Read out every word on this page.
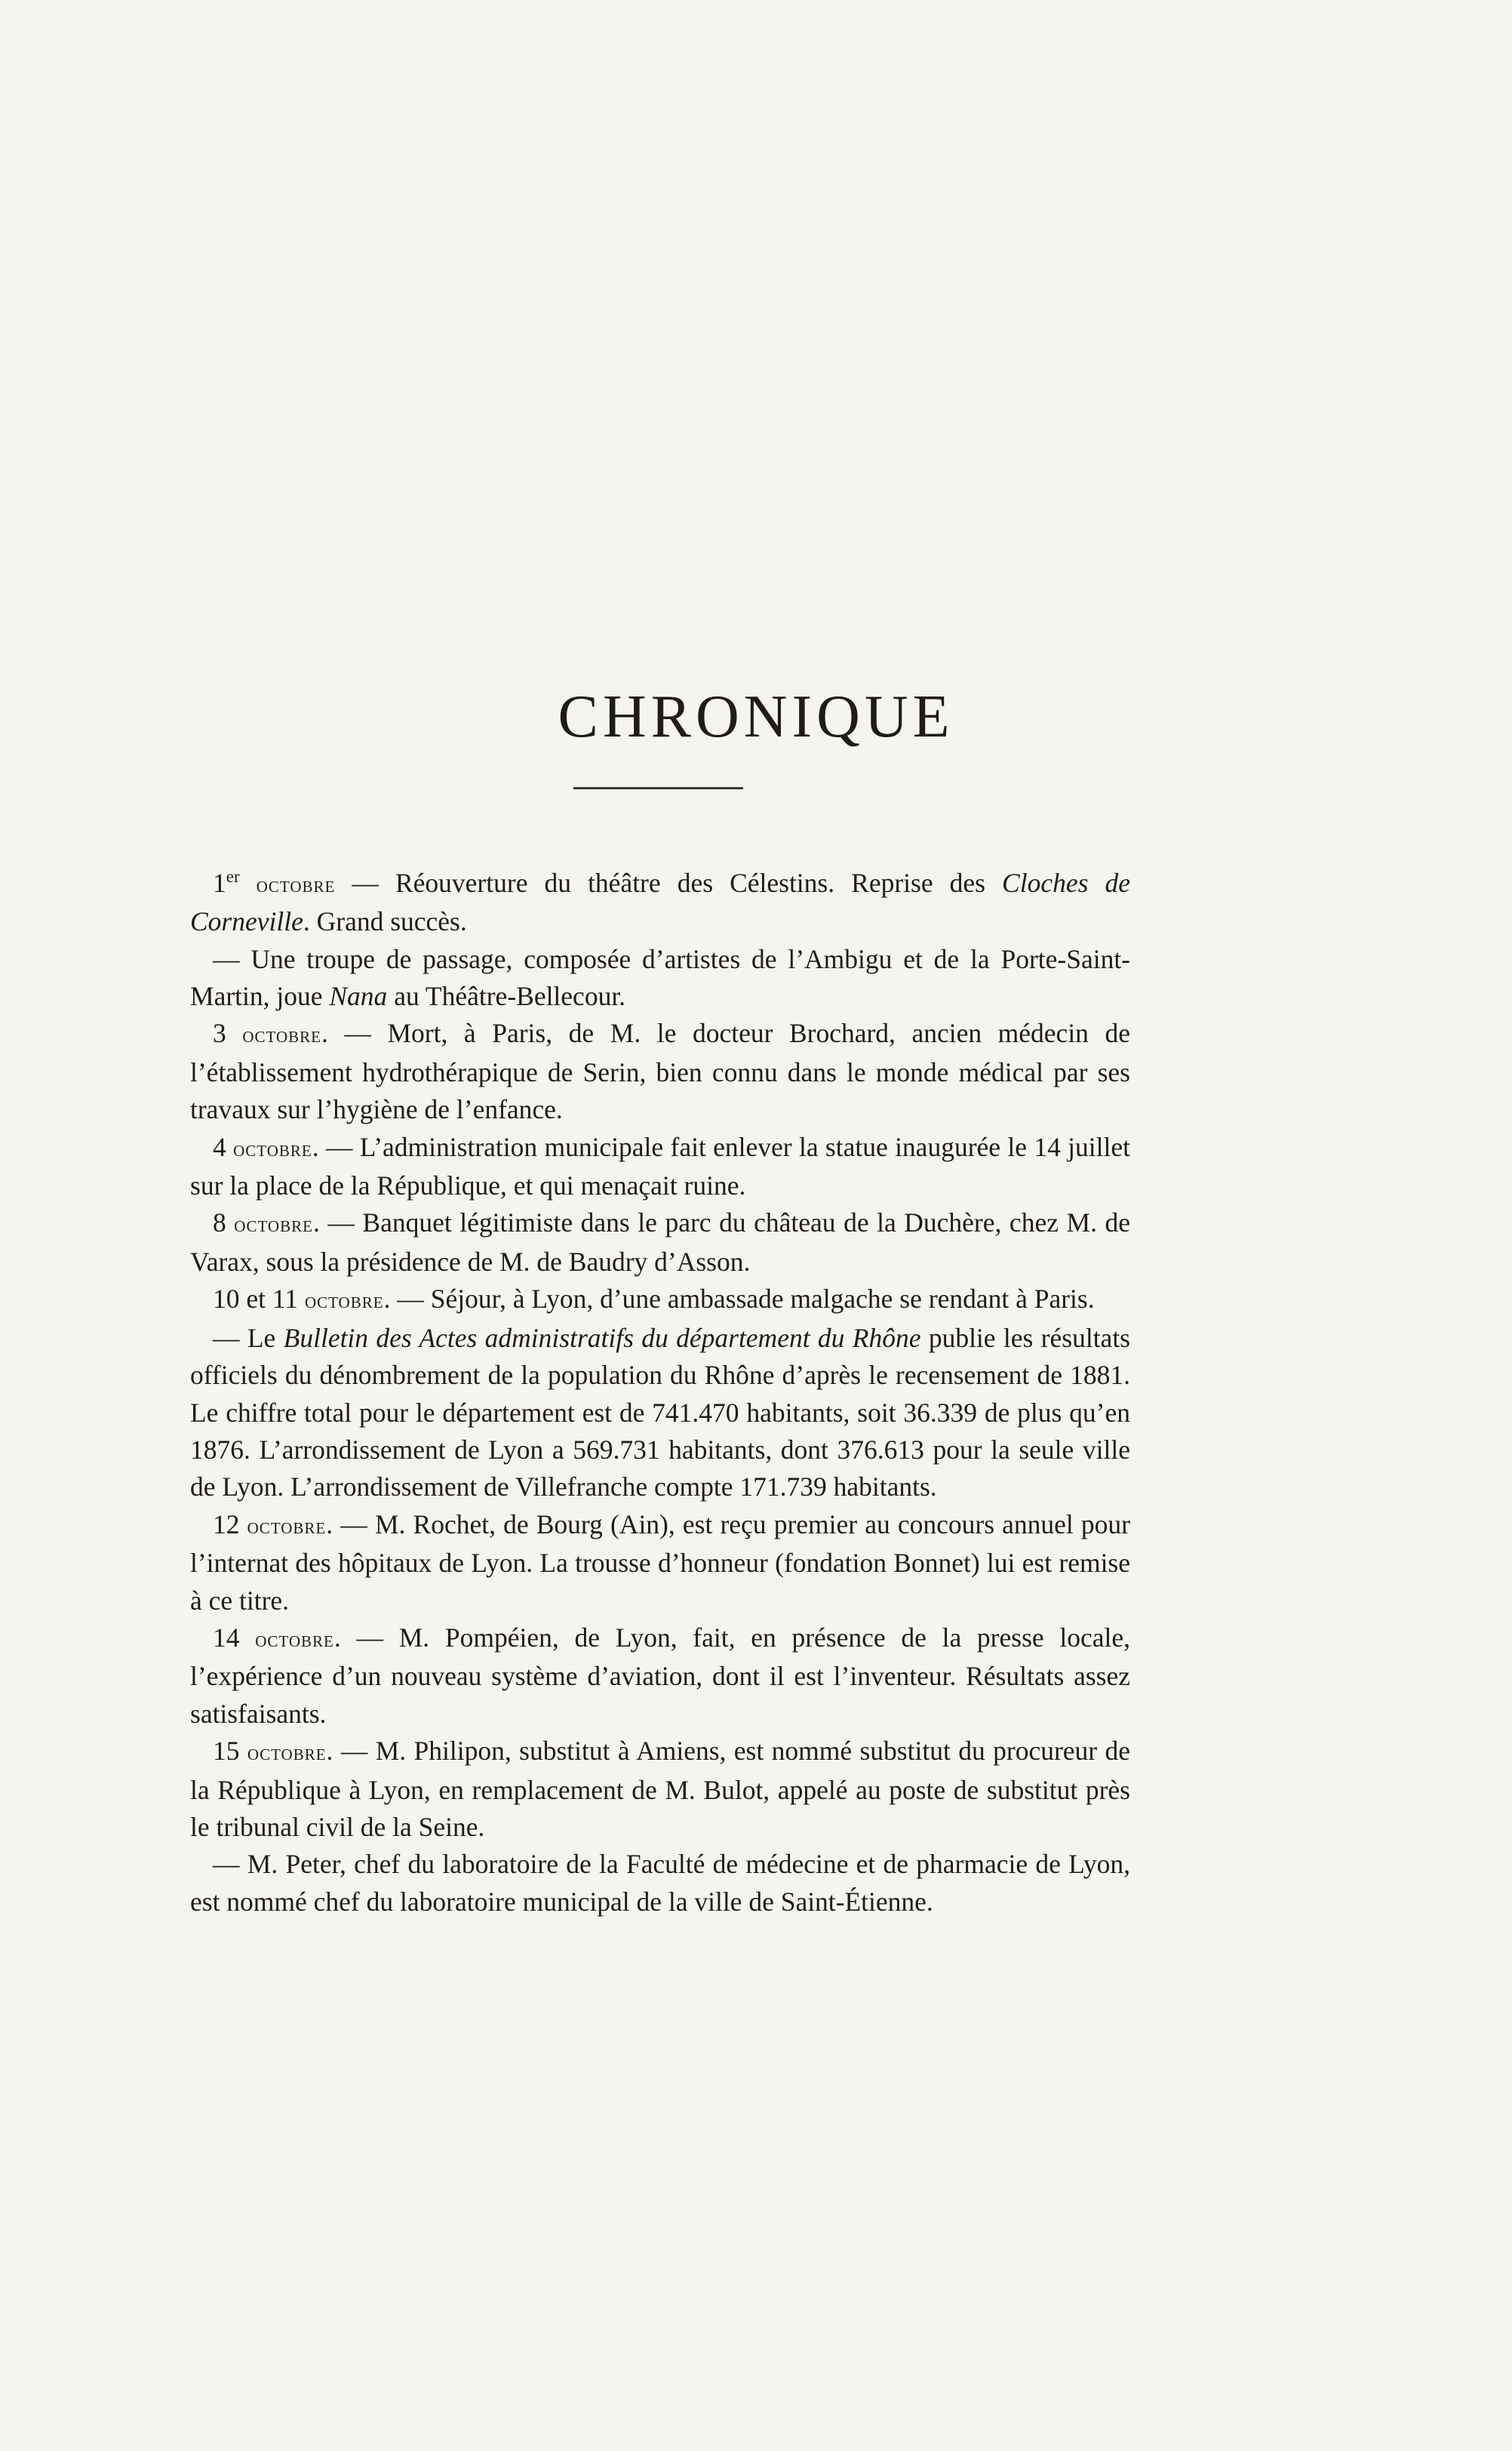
CHRONIQUE

1er octobre — Réouverture du théâtre des Célestins. Reprise des Cloches de Corneville. Grand succès.

— Une troupe de passage, composée d’artistes de l’Ambigu et de la Porte-Saint-Martin, joue Nana au Théâtre-Bellecour.

3 octobre. — Mort, à Paris, de M. le docteur Brochard, ancien médecin de l’établissement hydrothérapique de Serin, bien connu dans le monde médical par ses travaux sur l’hygiène de l’enfance.

4 octobre. — L’administration municipale fait enlever la statue inaugurée le 14 juillet sur la place de la République, et qui menaçait ruine.

8 octobre. — Banquet légitimiste dans le parc du château de la Duchère, chez M. de Varax, sous la présidence de M. de Baudry d’Asson.

10 et 11 octobre. — Séjour, à Lyon, d’une ambassade malgache se rendant à Paris.

— Le Bulletin des Actes administratifs du département du Rhône publie les résultats officiels du dénombrement de la population du Rhône d’après le recensement de 1881. Le chiffre total pour le département est de 741.470 habitants, soit 36.339 de plus qu’en 1876. L’arrondissement de Lyon a 569.731 habitants, dont 376.613 pour la seule ville de Lyon. L’arrondissement de Villefranche compte 171.739 habitants.

12 octobre. — M. Rochet, de Bourg (Ain), est reçu premier au concours annuel pour l’internat des hôpitaux de Lyon. La trousse d’honneur (fondation Bonnet) lui est remise à ce titre.

14 octobre. — M. Pompéien, de Lyon, fait, en présence de la presse locale, l’expérience d’un nouveau système d’aviation, dont il est l’inventeur. Résultats assez satisfaisants.

15 octobre. — M. Philipon, substitut à Amiens, est nommé substitut du procureur de la République à Lyon, en remplacement de M. Bulot, appelé au poste de substitut près le tribunal civil de la Seine.

— M. Peter, chef du laboratoire de la Faculté de médecine et de pharmacie de Lyon, est nommé chef du laboratoire municipal de la ville de Saint-Étienne.
